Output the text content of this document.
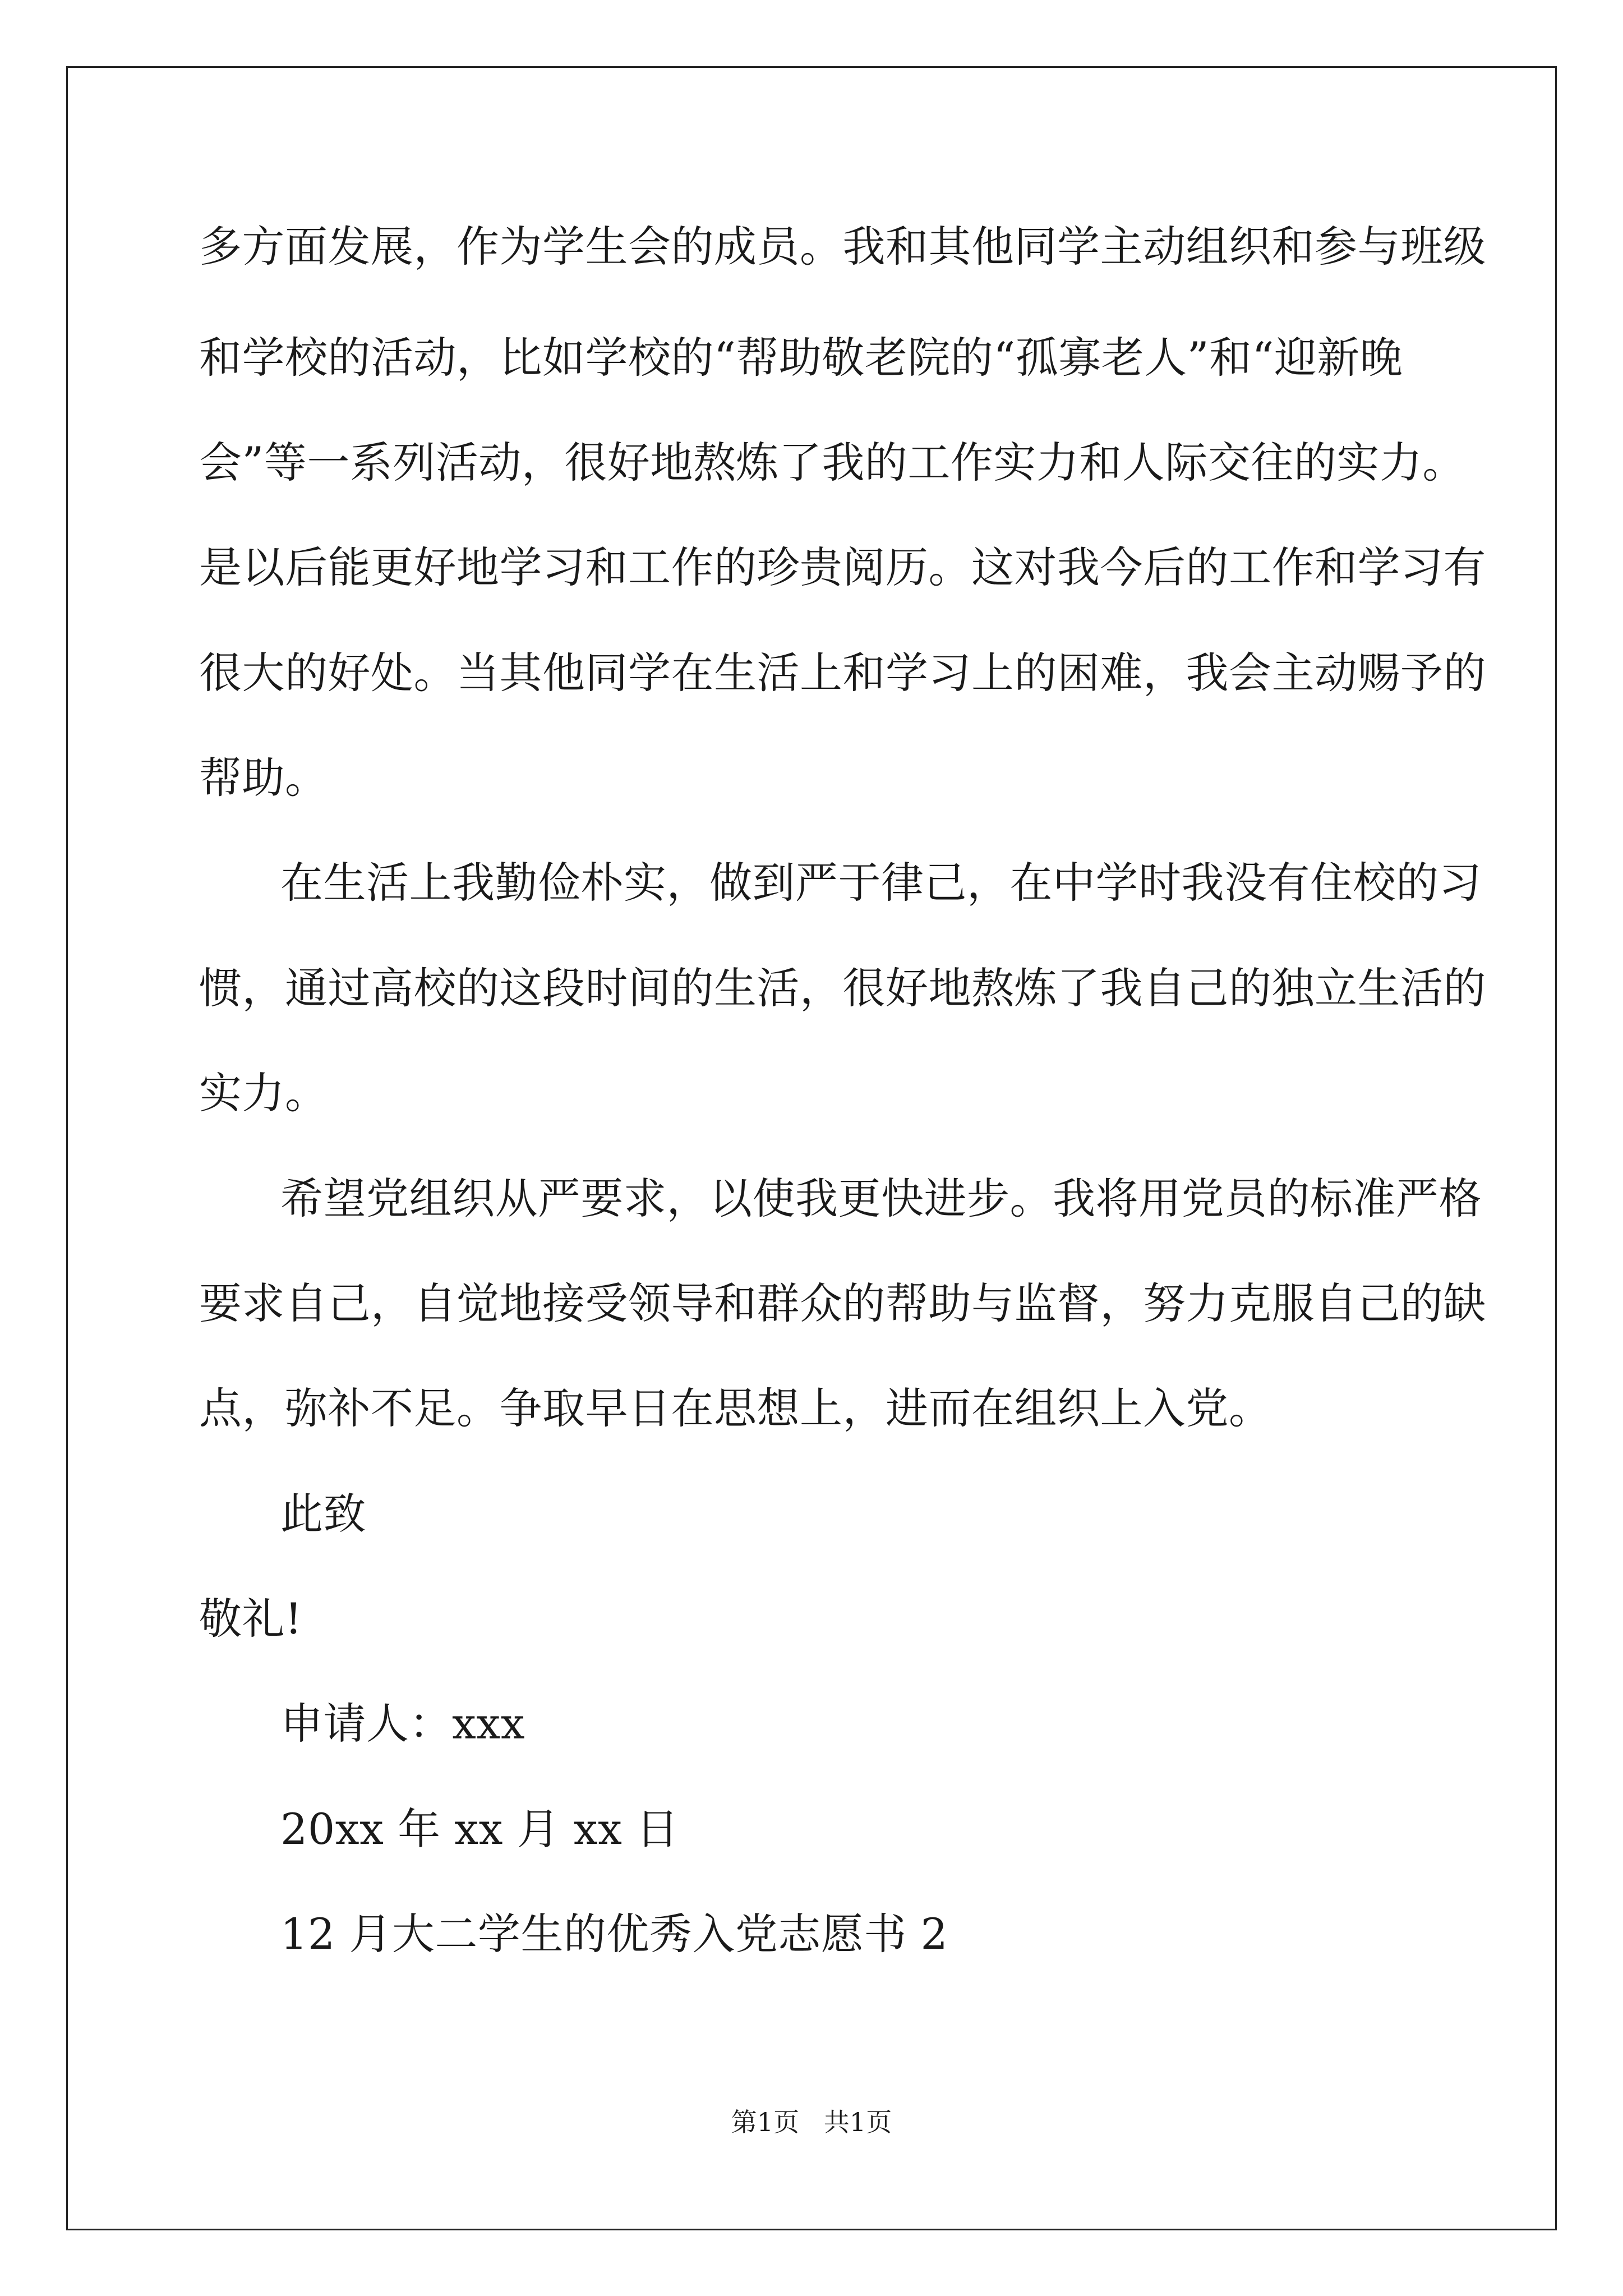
多方面发展，作为学生会的成员。我和其他同学主动组织和参与班级
和学校的活动，比如学校的“帮助敬老院的“孤寡老人”和“迎新晚
会”等一系列活动，很好地熬炼了我的工作实力和人际交往的实力。
是以后能更好地学习和工作的珍贵阅历。这对我今后的工作和学习有
很大的好处。当其他同学在生活上和学习上的困难，我会主动赐予的
帮助。
在生活上我勤俭朴实，做到严于律己，在中学时我没有住校的习
惯，通过高校的这段时间的生活，很好地熬炼了我自己的独立生活的
实力。
希望党组织从严要求，以使我更快进步。我将用党员的标准严格
要求自己，自觉地接受领导和群众的帮助与监督，努力克服自己的缺
点，弥补不足。争取早日在思想上，进而在组织上入党。
此致
敬礼!
申请人：xxx
20xx 年 xx 月 xx 日
12 月大二学生的优秀入党志愿书 2
第1页   共1页
